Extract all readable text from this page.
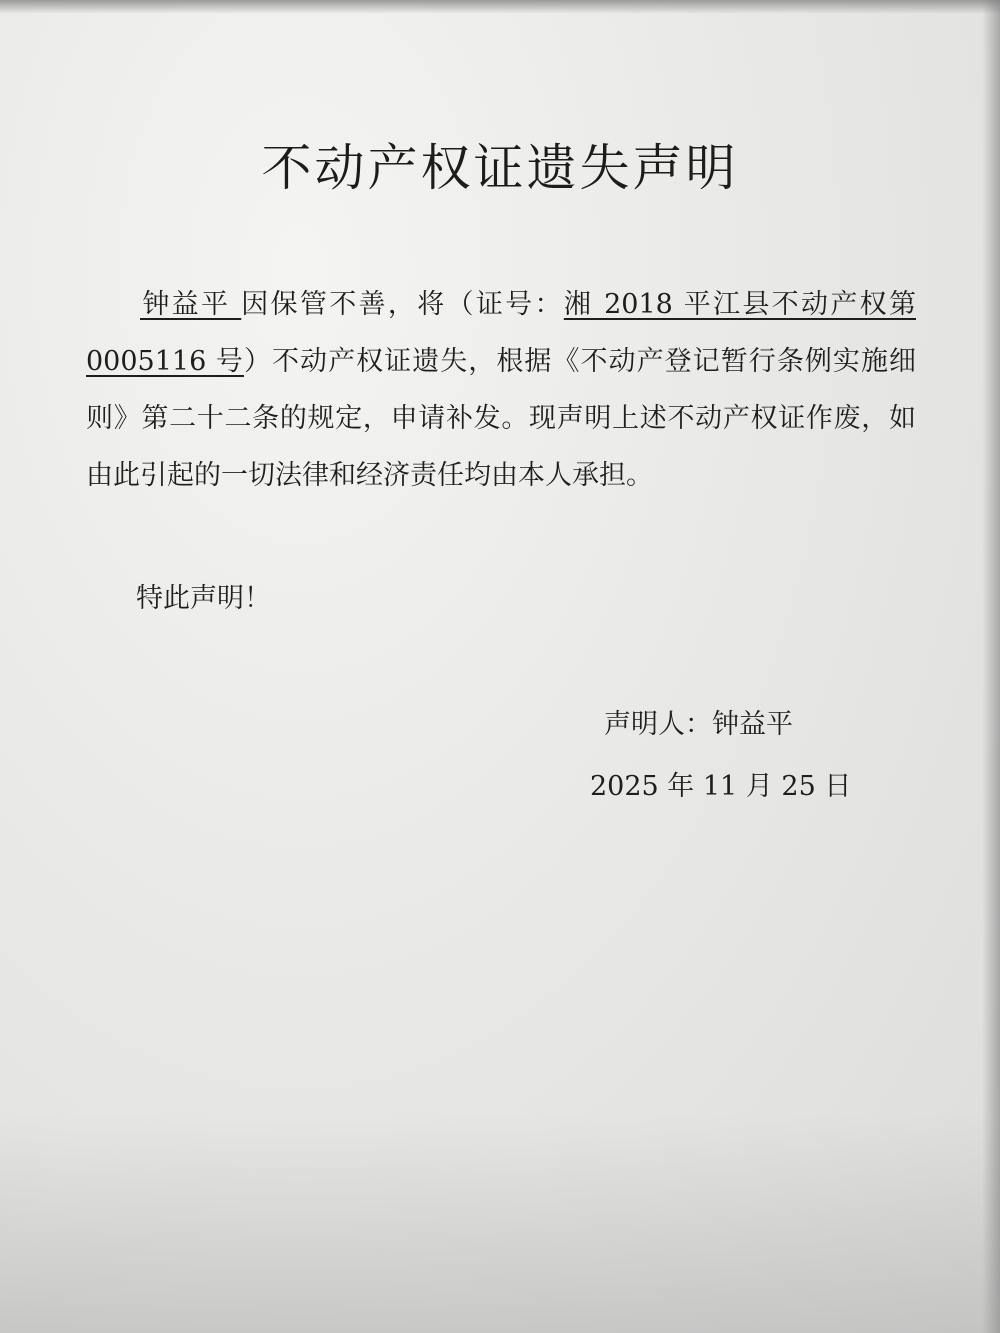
不动产权证遗失声明

钟益平 因保管不善，将（证号：湘 2018 平江县不动产权第 0005116 号）不动产权证遗失，根据《不动产登记暂行条例实施细则》第二十二条的规定，申请补发。现声明上述不动产权证作废，如由此引起的一切法律和经济责任均由本人承担。

特此声明！

声明人：钟益平

2025 年 11 月 25 日
